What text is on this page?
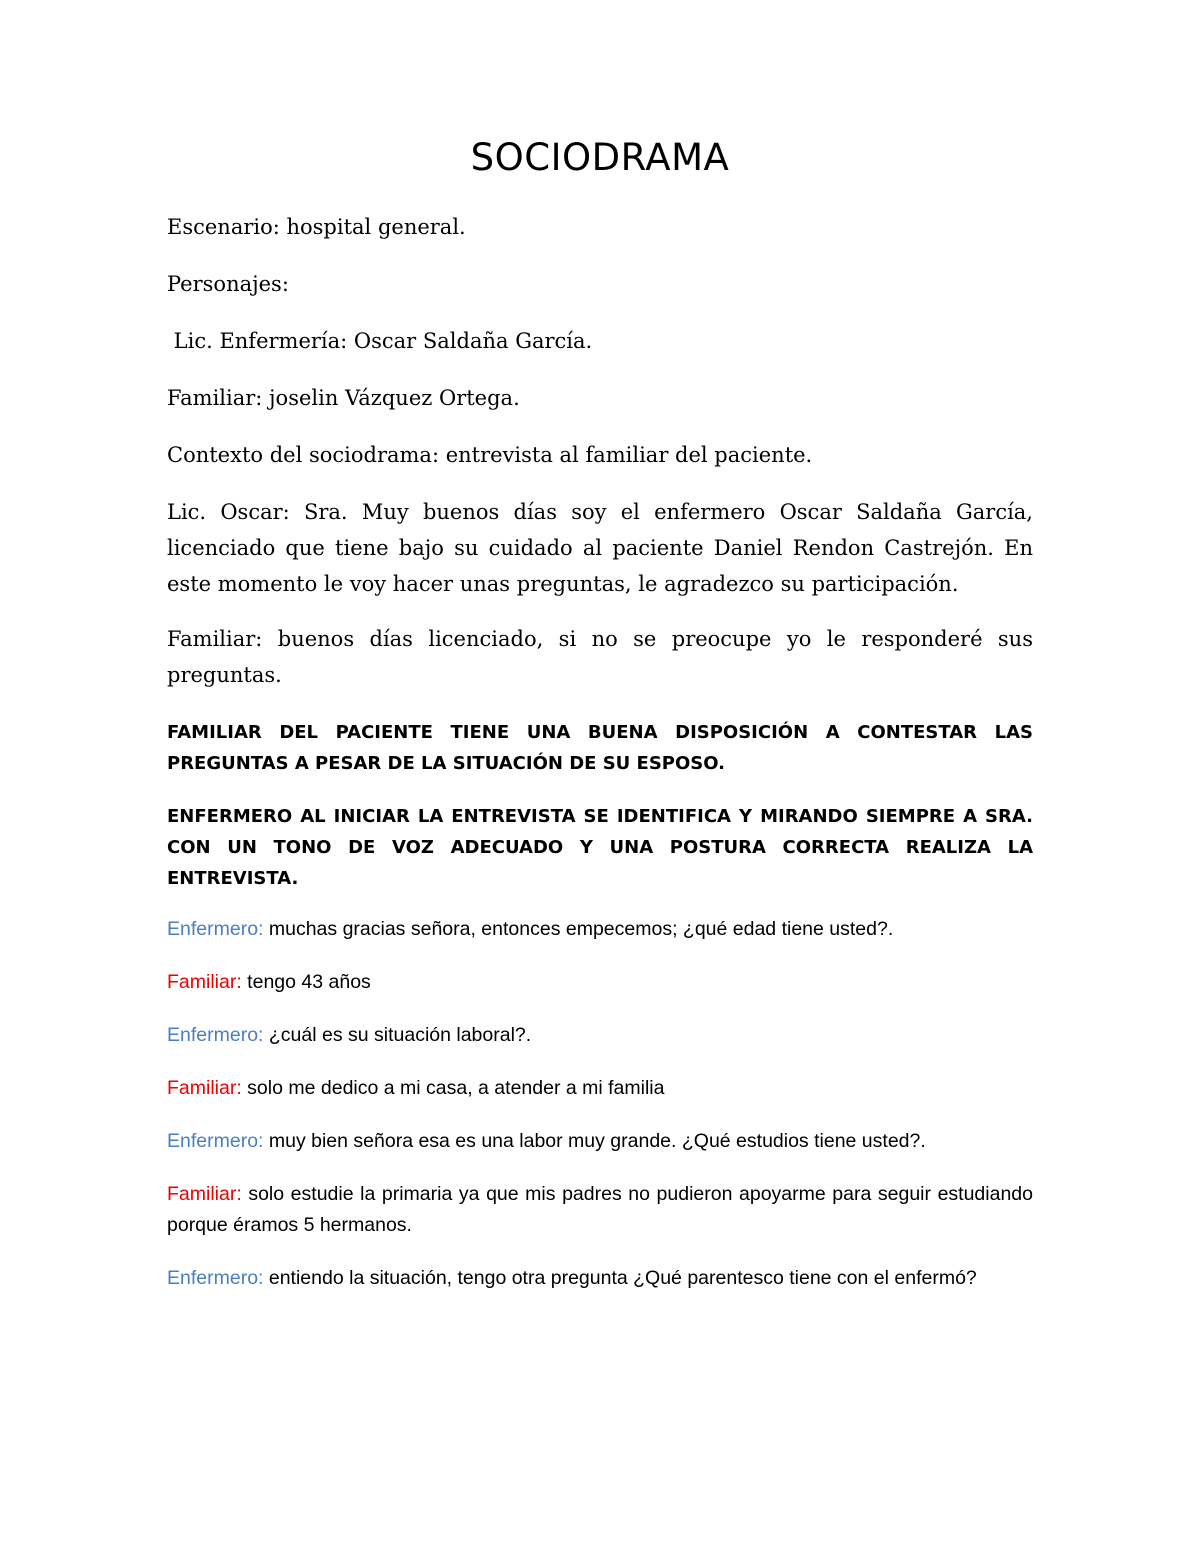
SOCIODRAMA

Escenario: hospital general.

Personajes:

Lic. Enfermería: Oscar Saldaña García.

Familiar: joselin Vázquez Ortega.

Contexto del sociodrama: entrevista al familiar del paciente.

Lic. Oscar: Sra. Muy buenos días soy el enfermero Oscar Saldaña García, licenciado que tiene bajo su cuidado al paciente Daniel Rendon Castrejón. En este momento le voy hacer unas preguntas, le agradezco su participación.

Familiar: buenos días licenciado, si no se preocupe yo le responderé sus preguntas.

FAMILIAR DEL PACIENTE TIENE UNA BUENA DISPOSICIÓN A CONTESTAR LAS PREGUNTAS A PESAR DE LA SITUACIÓN DE SU ESPOSO.

ENFERMERO AL INICIAR LA ENTREVISTA SE IDENTIFICA Y MIRANDO SIEMPRE A SRA. CON UN TONO DE VOZ ADECUADO Y UNA POSTURA CORRECTA REALIZA LA ENTREVISTA.

Enfermero: muchas gracias señora, entonces empecemos; ¿qué edad tiene usted?.

Familiar: tengo 43 años

Enfermero: ¿cuál es su situación laboral?.

Familiar: solo me dedico a mi casa, a atender a mi familia

Enfermero: muy bien señora esa es una labor muy grande. ¿Qué estudios tiene usted?.

Familiar: solo estudie la primaria ya que mis padres no pudieron apoyarme para seguir estudiando porque éramos 5 hermanos.

Enfermero: entiendo la situación, tengo otra pregunta ¿Qué parentesco tiene con el enfermó?
